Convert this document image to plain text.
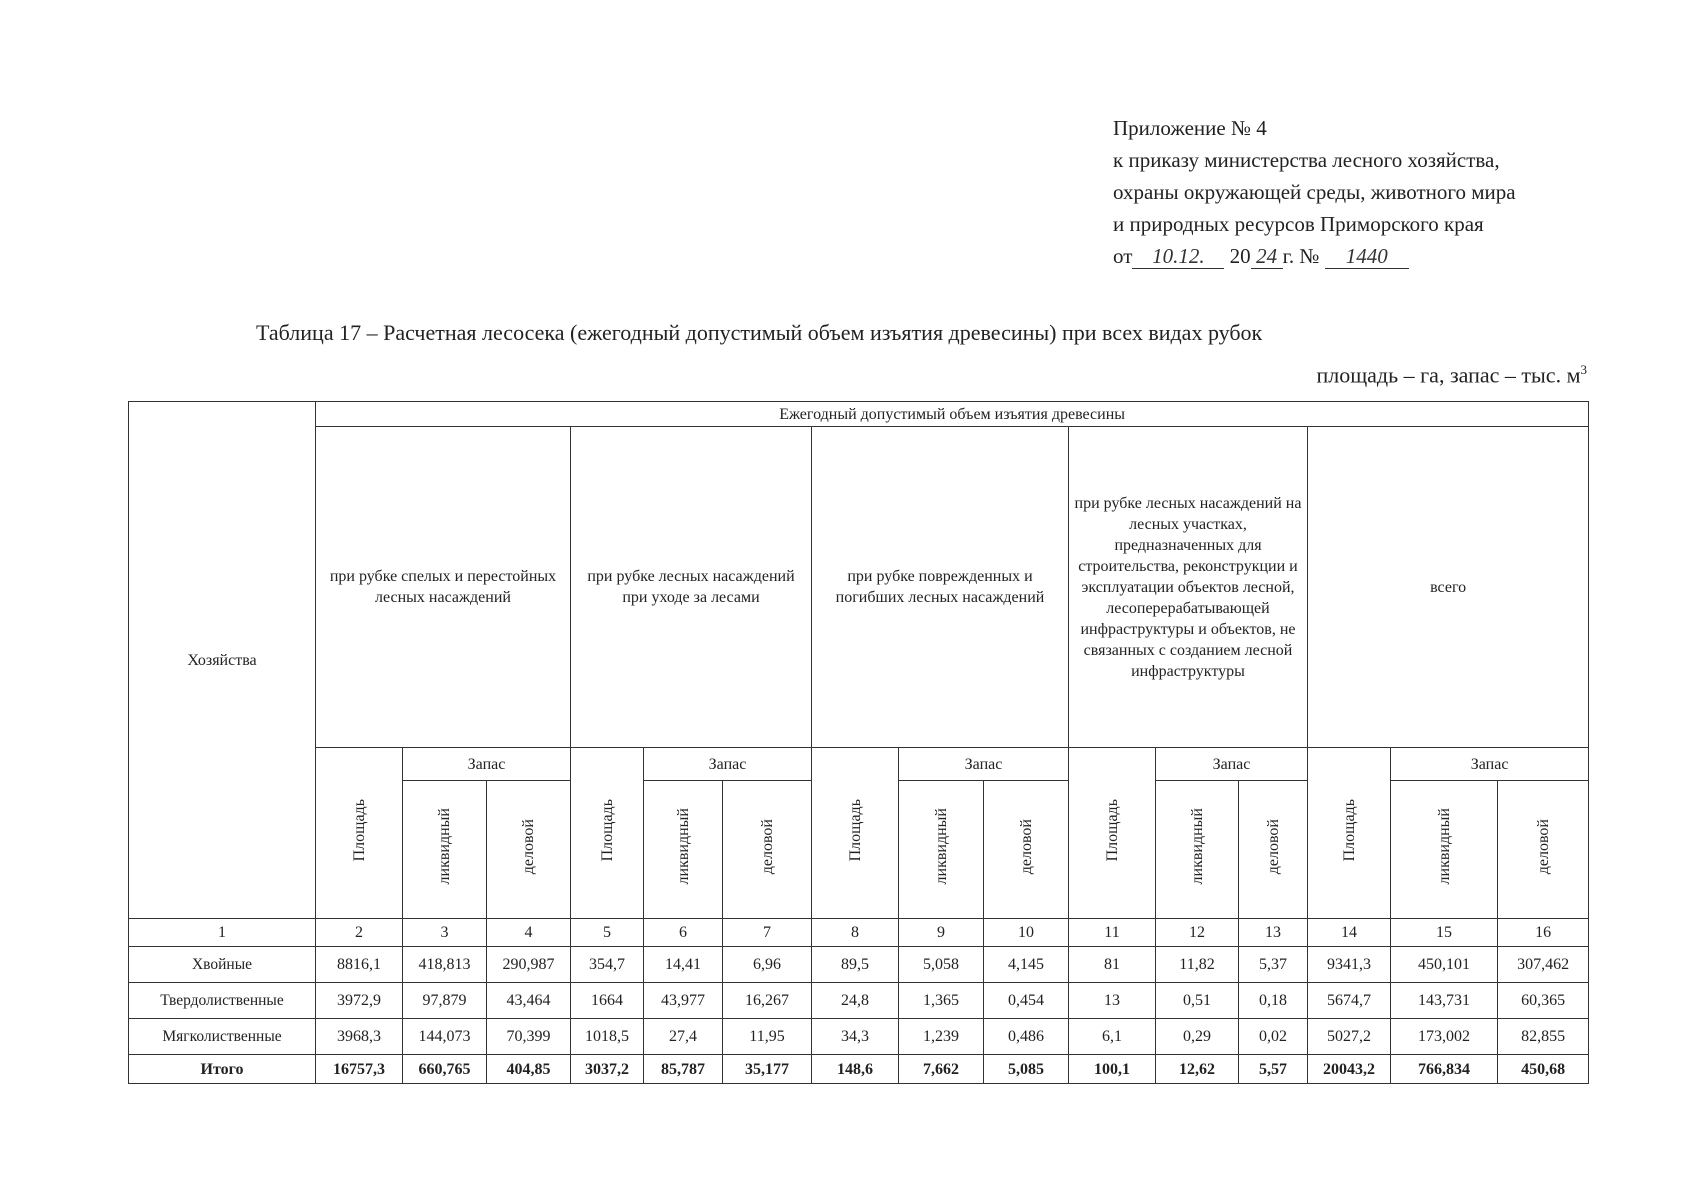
Приложение № 4
к приказу министерства лесного хозяйства,
охраны окружающей среды, животного мира
и природных ресурсов Приморского края
от 10.12. 20 24 г. № 1440
Таблица 17 – Расчетная лесосека (ежегодный допустимый объем изъятия древесины) при всех видах рубок
площадь – га, запас – тыс. $м^3$
Хозяйства	Ежегодный допустимый объем изъятия древесины														
	при рубке спелых и перестойных лесных насаждений			при рубке лесных насаждений при уходе за лесами			при рубке поврежденных и погибших лесных насаждений			при рубке лесных насаждений на лесных участках, предназначенных для строительства, реконструкции и эксплуатации объектов лесной, лесоперерабатывающей инфраструктуры и объектов, не связанных с созданием лесной инфраструктуры			всего		
	Площадь	Запас		Площадь	Запас		Площадь	Запас		Площадь	Запас		Площадь	Запас	
		ликвидный	деловой		ликвидный	деловой		ликвидный	деловой		ликвидный	деловой		ликвидный	деловой
1	2	3	4	5	6	7	8	9	10	11	12	13	14	15	16
Хвойные	8816,1	418,813	290,987	354,7	14,41	6,96	89,5	5,058	4,145	81	11,82	5,37	9341,3	450,101	307,462
Твердолиственные	3972,9	97,879	43,464	1664	43,977	16,267	24,8	1,365	0,454	13	0,51	0,18	5674,7	143,731	60,365
Мягколиственные	3968,3	144,073	70,399	1018,5	27,4	11,95	34,3	1,239	0,486	6,1	0,29	0,02	5027,2	173,002	82,855
Итого	16757,3	660,765	404,85	3037,2	85,787	35,177	148,6	7,662	5,085	100,1	12,62	5,57	20043,2	766,834	450,68
